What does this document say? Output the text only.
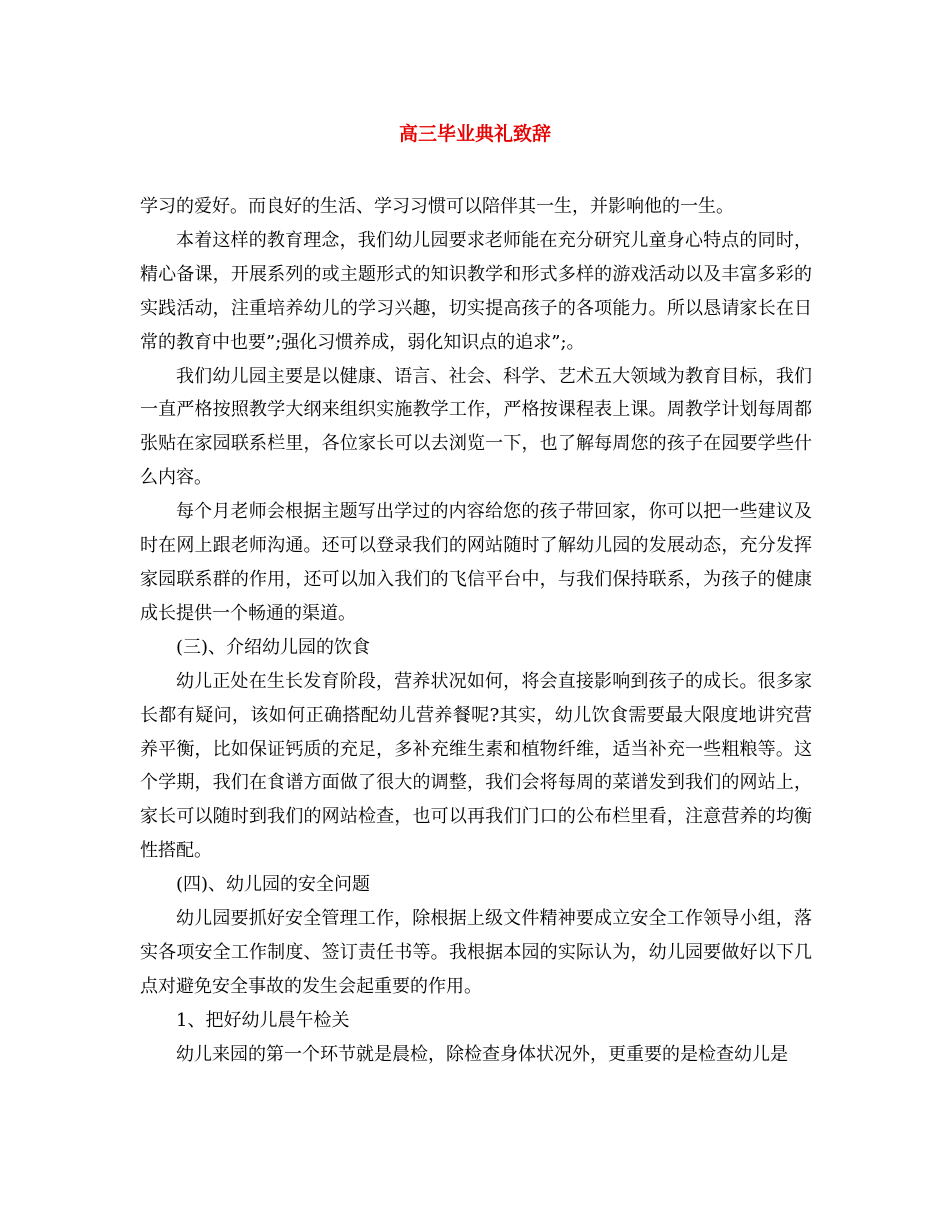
高三毕业典礼致辞

学习的爱好。而良好的生活、学习习惯可以陪伴其一生，并影响他的一生。

本着这样的教育理念，我们幼儿园要求老师能在充分研究儿童身心特点的同时，精心备课，开展系列的或主题形式的知识教学和形式多样的游戏活动以及丰富多彩的实践活动，注重培养幼儿的学习兴趣，切实提高孩子的各项能力。所以恳请家长在日常的教育中也要”;强化习惯养成，弱化知识点的追求”;。

我们幼儿园主要是以健康、语言、社会、科学、艺术五大领域为教育目标，我们一直严格按照教学大纲来组织实施教学工作，严格按课程表上课。周教学计划每周都张贴在家园联系栏里，各位家长可以去浏览一下，也了解每周您的孩子在园要学些什么内容。

每个月老师会根据主题写出学过的内容给您的孩子带回家，你可以把一些建议及时在网上跟老师沟通。还可以登录我们的网站随时了解幼儿园的发展动态，充分发挥家园联系群的作用，还可以加入我们的飞信平台中，与我们保持联系，为孩子的健康成长提供一个畅通的渠道。

(三)、介绍幼儿园的饮食

幼儿正处在生长发育阶段，营养状况如何，将会直接影响到孩子的成长。很多家长都有疑问，该如何正确搭配幼儿营养餐呢?其实，幼儿饮食需要最大限度地讲究营养平衡，比如保证钙质的充足，多补充维生素和植物纤维，适当补充一些粗粮等。这个学期，我们在食谱方面做了很大的调整，我们会将每周的菜谱发到我们的网站上，家长可以随时到我们的网站检查，也可以再我们门口的公布栏里看，注意营养的均衡性搭配。

(四)、幼儿园的安全问题

幼儿园要抓好安全管理工作，除根据上级文件精神要成立安全工作领导小组，落实各项安全工作制度、签订责任书等。我根据本园的实际认为，幼儿园要做好以下几点对避免安全事故的发生会起重要的作用。

1、把好幼儿晨午检关

幼儿来园的第一个环节就是晨检，除检查身体状况外，更重要的是检查幼儿是
